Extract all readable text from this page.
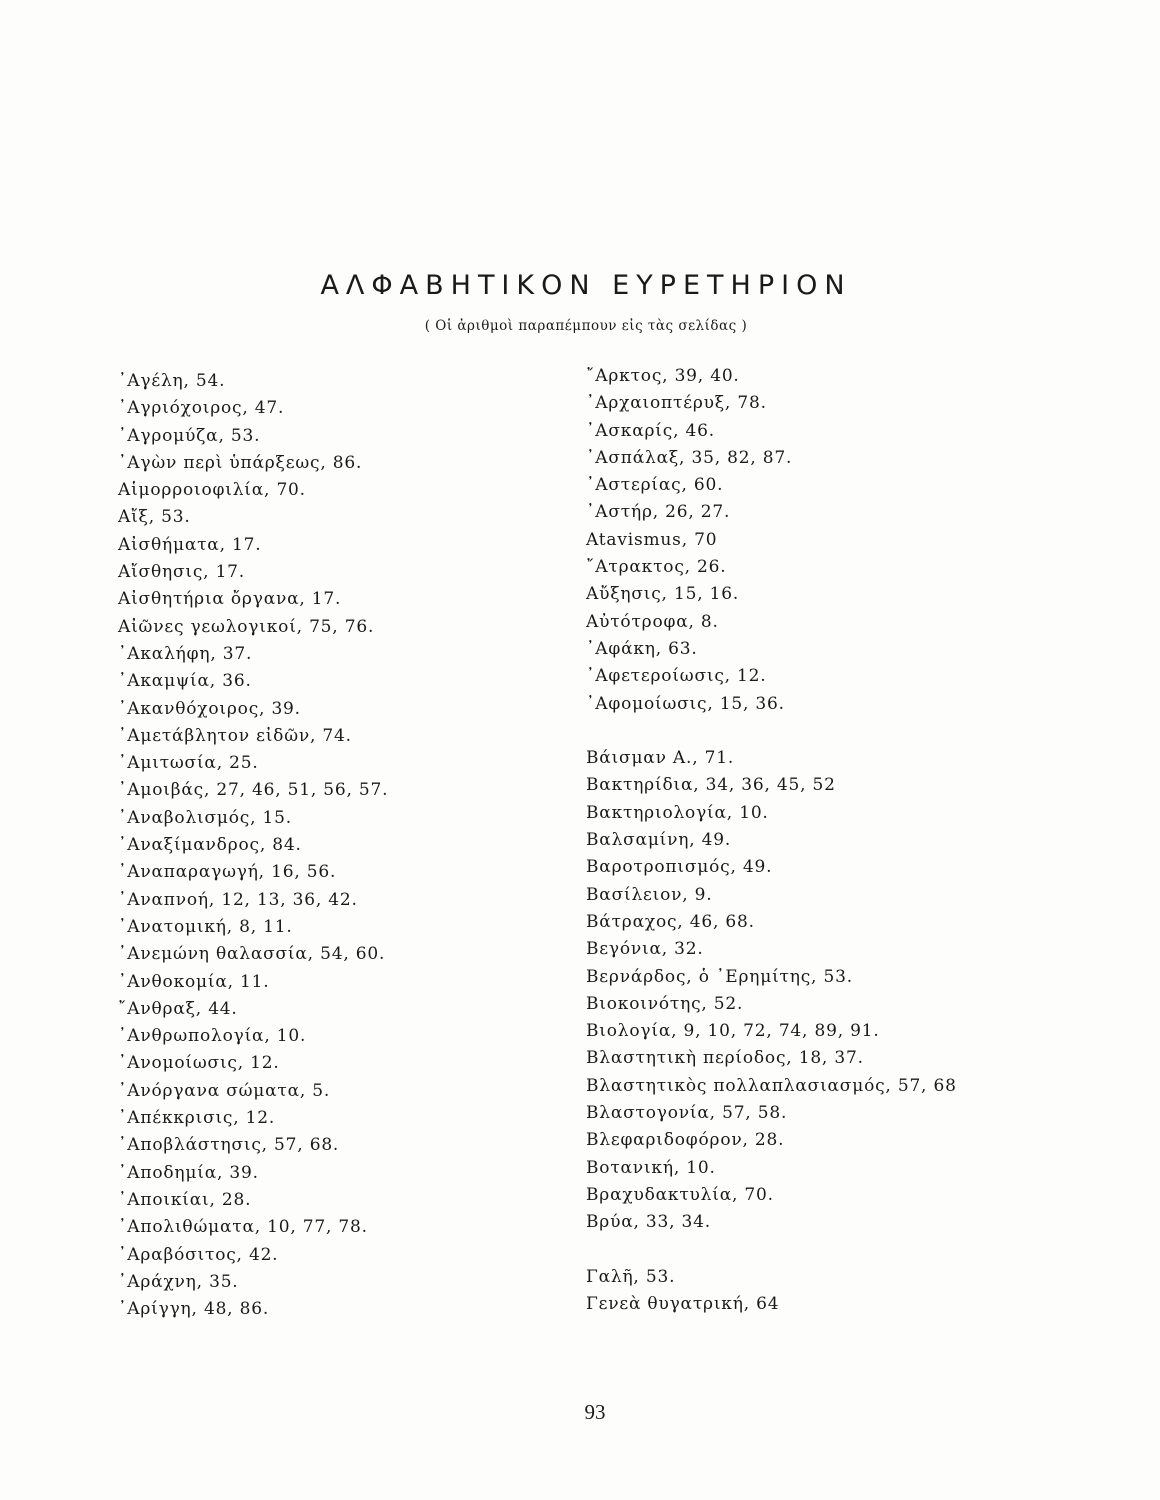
ΑΛΦΑΒΗΤΙΚΟΝ ΕΥΡΕΤΗΡΙΟΝ
( Οἱ ἀριθμοὶ παραπέμπουν εἰς τὰς σελίδας )
᾿Αγέλη, 54.
᾿Αγριόχοιρος, 47.
᾿Αγρομύζα, 53.
᾿Αγὼν περὶ ὑπάρξεως, 86.
Αἱμορροιοφιλία, 70.
Αἴξ, 53.
Αἰσθήματα, 17.
Αἴσθησις, 17.
Αἰσθητήρια ὄργανα, 17.
Αἰῶνες γεωλογικοί, 75, 76.
᾿Ακαλήφη, 37.
᾿Ακαμψία, 36.
᾿Ακανθόχοιρος, 39.
᾿Αμετάβλητον εἰδῶν, 74.
᾿Αμιτωσία, 25.
᾿Αμοιβάς, 27, 46, 51, 56, 57.
᾿Αναβολισμός, 15.
᾿Αναξίμανδρος, 84.
᾿Αναπαραγωγή, 16, 56.
᾿Αναπνοή, 12, 13, 36, 42.
᾿Ανατομική, 8, 11.
᾿Ανεμώνη θαλασσία, 54, 60.
᾿Ανθοκομία, 11.
῎Ανθραξ, 44.
᾿Ανθρωπολογία, 10.
᾿Ανομοίωσις, 12.
᾿Ανόργανα σώματα, 5.
᾿Απέκκρισις, 12.
᾿Αποβλάστησις, 57, 68.
᾿Αποδημία, 39.
᾿Αποικίαι, 28.
᾿Απολιθώματα, 10, 77, 78.
᾿Αραβόσιτος, 42.
᾿Αράχνη, 35.
᾿Αρίγγη, 48, 86.
῎Αρκτος, 39, 40.
᾿Αρχαιοπτέρυξ, 78.
᾿Ασκαρίς, 46.
᾿Ασπάλαξ, 35, 82, 87.
᾿Αστερίας, 60.
᾿Αστήρ, 26, 27.
Atavismus, 70
῎Ατρακτος, 26.
Αὔξησις, 15, 16.
Αὐτότροφα, 8.
᾿Αφάκη, 63.
᾿Αφετεροίωσις, 12.
᾿Αφομοίωσις, 15, 36.
Βάισμαν Α., 71.
Βακτηρίδια, 34, 36, 45, 52
Βακτηριολογία, 10.
Βαλσαμίνη, 49.
Βαροτροπισμός, 49.
Βασίλειον, 9.
Βάτραχος, 46, 68.
Βεγόνια, 32.
Βερνάρδος, ὁ ᾿Ερημίτης, 53.
Βιοκοινότης, 52.
Βιολογία, 9, 10, 72, 74, 89, 91.
Βλαστητικὴ περίοδος, 18, 37.
Βλαστητικὸς πολλαπλασιασμός, 57, 68
Βλαστογονία, 57, 58.
Βλεφαριδοφόρον, 28.
Βοτανική, 10.
Βραχυδακτυλία, 70.
Βρύα, 33, 34.
Γαλῆ, 53.
Γενεὰ θυγατρική, 64
93
